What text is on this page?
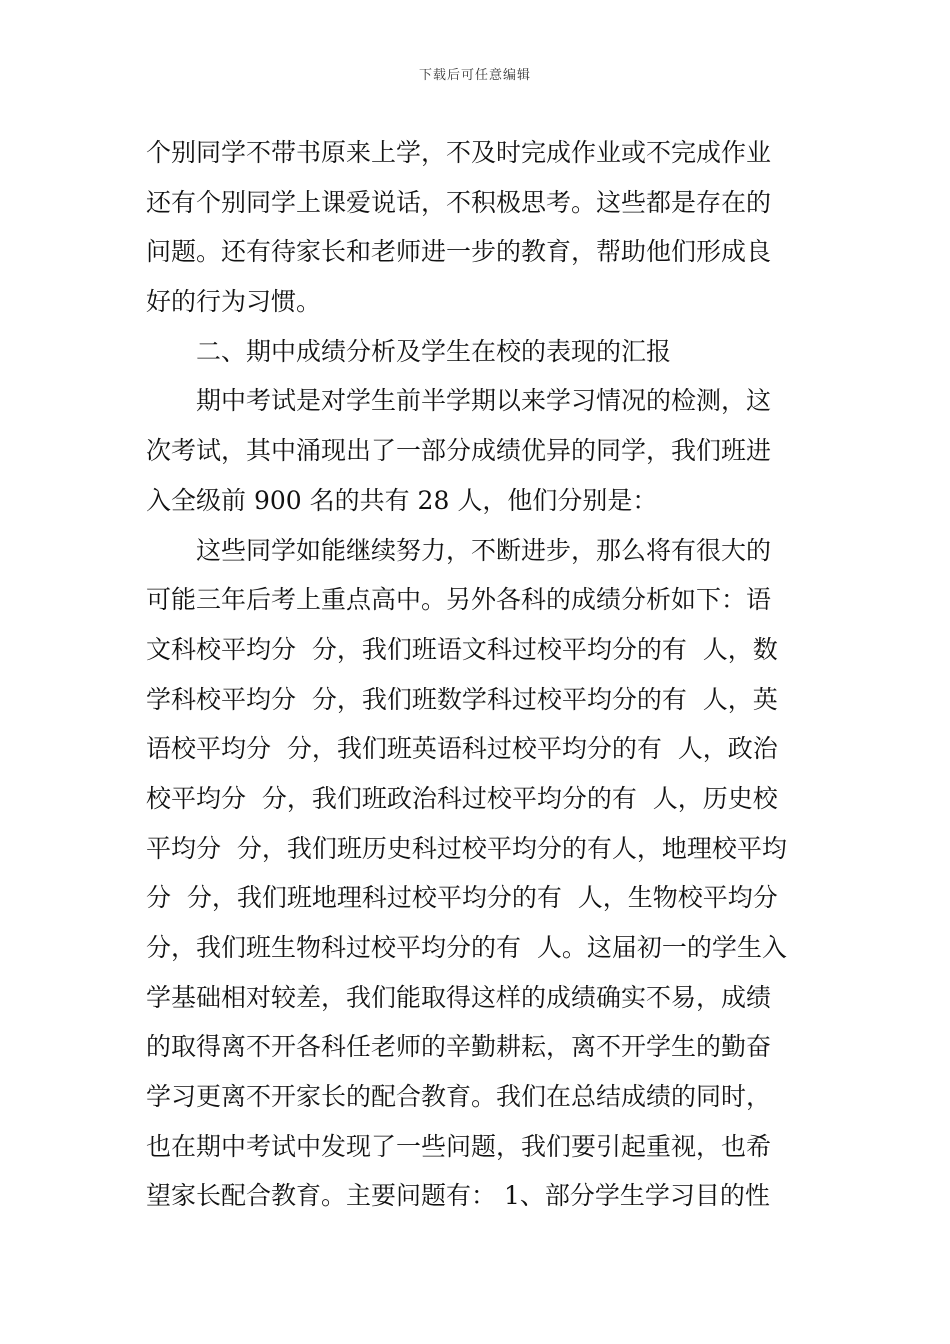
下载后可任意编辑
个别同学不带书原来上学，不及时完成作业或不完成作业
还有个别同学上课爱说话，不积极思考。这些都是存在的
问题。还有待家长和老师进一步的教育，帮助他们形成良
好的行为习惯。
二、期中成绩分析及学生在校的表现的汇报
期中考试是对学生前半学期以来学习情况的检测，这
次考试，其中涌现出了一部分成绩优异的同学，我们班进
入全级前 900 名的共有 28 人，他们分别是：
这些同学如能继续努力，不断进步，那么将有很大的
可能三年后考上重点高中。另外各科的成绩分析如下：语
文科校平均分  分，我们班语文科过校平均分的有  人，数
学科校平均分  分，我们班数学科过校平均分的有  人，英
语校平均分  分，我们班英语科过校平均分的有  人，政治
校平均分  分，我们班政治科过校平均分的有  人，历史校
平均分  分，我们班历史科过校平均分的有人，地理校平均
分  分，我们班地理科过校平均分的有  人，生物校平均分
分，我们班生物科过校平均分的有  人。这届初一的学生入
学基础相对较差，我们能取得这样的成绩确实不易，成绩
的取得离不开各科任老师的辛勤耕耘，离不开学生的勤奋
学习更离不开家长的配合教育。我们在总结成绩的同时，
也在期中考试中发现了一些问题，我们要引起重视，也希
望家长配合教育。主要问题有： 1、部分学生学习目的性
